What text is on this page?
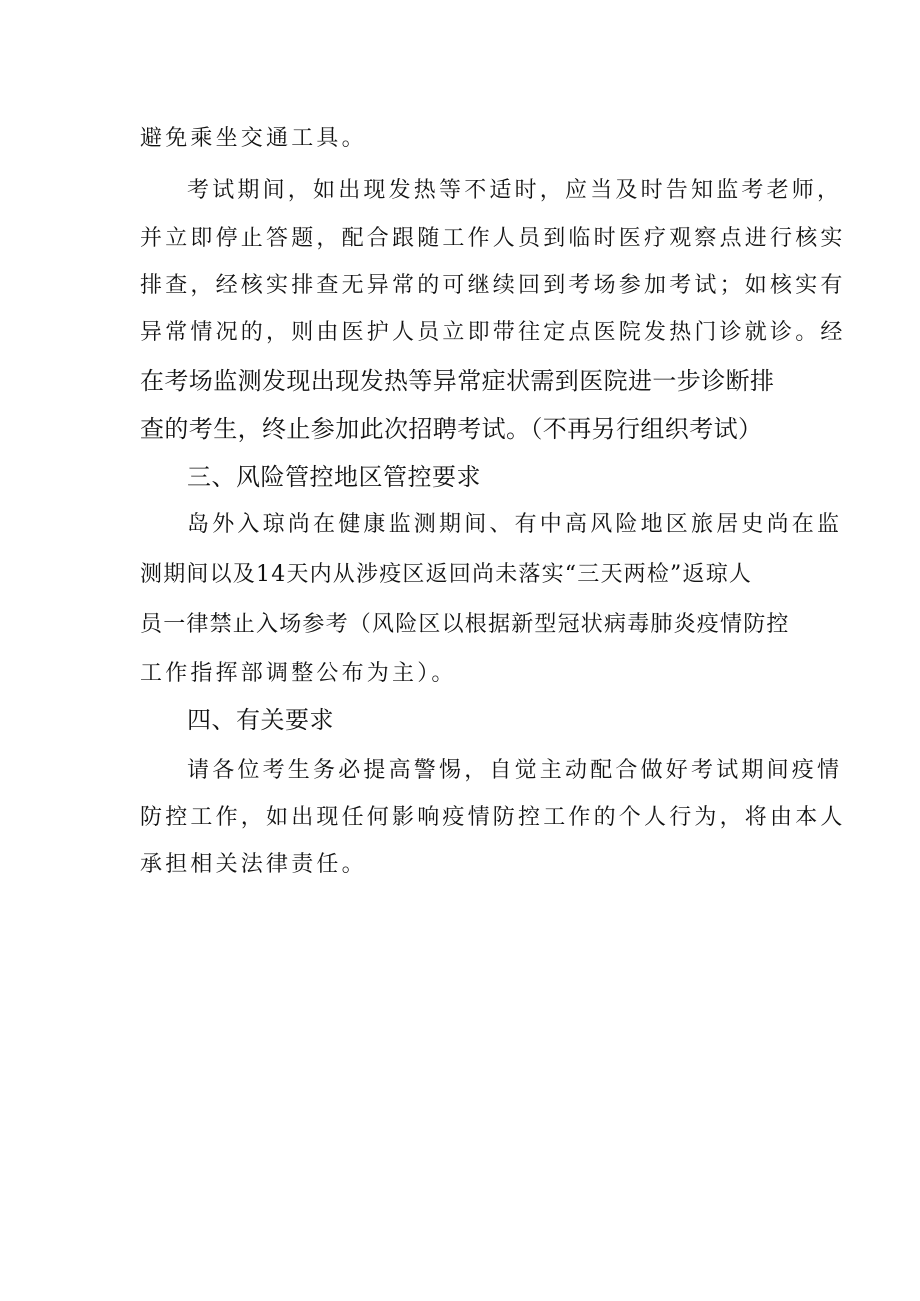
避免乘坐交通工具。
考试期间，如出现发热等不适时，应当及时告知监考老师，
并立即停止答题，配合跟随工作人员到临时医疗观察点进行核实
排查，经核实排查无异常的可继续回到考场参加考试；如核实有
异常情况的，则由医护人员立即带往定点医院发热门诊就诊。经
在考场监测发现出现发热等异常症状需到医院进一步诊断排
查的考生，终止参加此次招聘考试。（不再另行组织考试）
三、风险管控地区管控要求
岛外入琼尚在健康监测期间、有中高风险地区旅居史尚在监
测期间以及14天内从涉疫区返回尚未落实“三天两检”返琼人
员一律禁止入场参考（风险区以根据新型冠状病毒肺炎疫情防控
工作指挥部调整公布为主）。
四、有关要求
请各位考生务必提高警惕，自觉主动配合做好考试期间疫情
防控工作，如出现任何影响疫情防控工作的个人行为，将由本人
承担相关法律责任。
